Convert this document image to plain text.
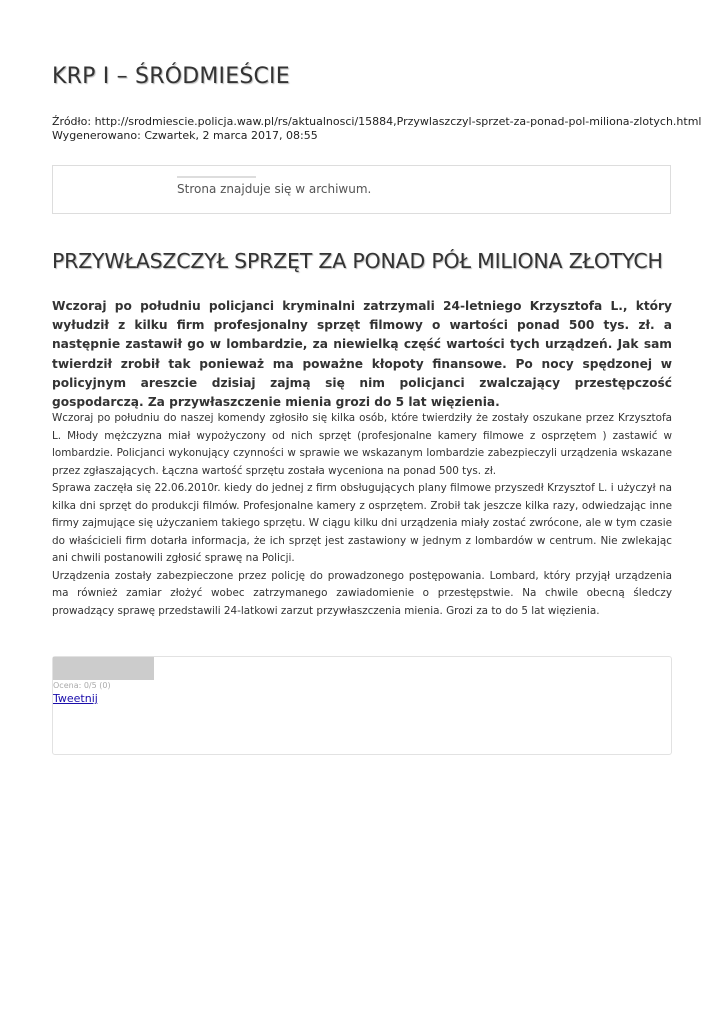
KRP I – ŚRÓDMIEŚCIE
Źródło: http://srodmiescie.policja.waw.pl/rs/aktualnosci/15884,Przywlaszczyl-sprzet-za-ponad-pol-miliona-zlotych.html
Wygenerowano: Czwartek, 2 marca 2017, 08:55
Strona znajduje się w archiwum.
PRZYWŁASZCZYŁ SPRZĘT ZA PONAD PÓŁ MILIONA ZŁOTYCH

Wczoraj po południu policjanci kryminalni zatrzymali 24-letniego Krzysztofa L., który wyłudził z kilku firm profesjonalny sprzęt filmowy o wartości ponad 500 tys. zł. a następnie zastawił go w lombardzie, za niewielką część wartości tych urządzeń. Jak sam twierdził zrobił tak ponieważ ma poważne kłopoty finansowe. Po nocy spędzonej w policyjnym areszcie dzisiaj zajmą się nim policjanci zwalczający przestępczość gospodarczą. Za przywłaszczenie mienia grozi do 5 lat więzienia.

Wczoraj po południu do naszej komendy zgłosiło się kilka osób, które twierdziły że zostały oszukane przez Krzysztofa L. Młody mężczyzna miał wypożyczony od nich sprzęt (profesjonalne kamery filmowe z osprzętem ) zastawić w lombardzie. Policjanci wykonujący czynności w sprawie we wskazanym lombardzie zabezpieczyli urządzenia wskazane przez zgłaszających. Łączna wartość sprzętu została wyceniona na ponad 500 tys. zł.

Sprawa zaczęła się 22.06.2010r. kiedy do jednej z firm obsługujących plany filmowe przyszedł Krzysztof L. i użyczył na kilka dni sprzęt do produkcji filmów. Profesjonalne kamery z osprzętem. Zrobił tak jeszcze kilka razy, odwiedzając inne firmy zajmujące się użyczaniem takiego sprzętu. W ciągu kilku dni urządzenia miały zostać zwrócone, ale w tym czasie do właścicieli firm dotarła informacja, że ich sprzęt jest zastawiony w jednym z lombardów w centrum. Nie zwlekając ani chwili postanowili zgłosić sprawę na Policji.

Urządzenia zostały zabezpieczone przez policję do prowadzonego postępowania. Lombard, który przyjął urządzenia ma również zamiar złożyć wobec zatrzymanego zawiadomienie o przestępstwie. Na chwile obecną śledczy prowadzący sprawę przedstawili 24-latkowi zarzut przywłaszczenia mienia. Grozi za to do 5 lat więzienia.

Ocena: 0/5 (0)
Tweetnij
